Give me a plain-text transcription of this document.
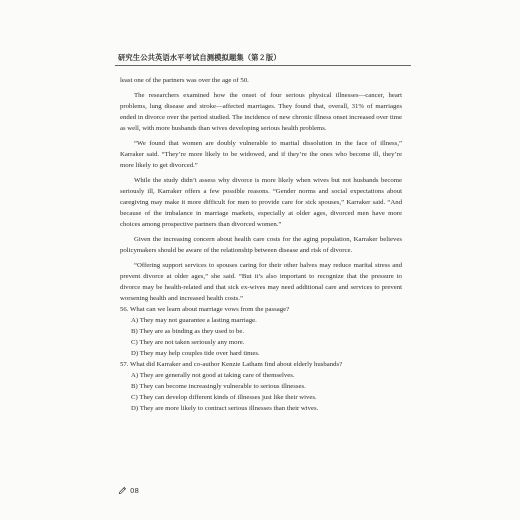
研究生公共英语水平考试自测模拟题集（第２版）

least one of the partners was over the age of 50.

The researchers examined how the onset of four serious physical illnesses—cancer, heart problems, lung disease and stroke—affected marriages. They found that, overall, 31% of marriages ended in divorce over the period studied. The incidence of new chronic illness onset increased over time as well, with more husbands than wives developing serious health problems.

“We found that women are doubly vulnerable to marital dissolution in the face of illness,” Karraker said. “They’re more likely to be widowed, and if they’re the ones who become ill, they’re more likely to get divorced.”

While the study didn’t assess why divorce is more likely when wives but not husbands become seriously ill, Karraker offers a few possible reasons. “Gender norms and social expectations about caregiving may make it more difficult for men to provide care for sick spouses,” Karraker said. “And because of the imbalance in marriage markets, especially at older ages, divorced men have more choices among prospective partners than divorced women.”

Given the increasing concern about health care costs for the aging population, Karraker believes policymakers should be aware of the relationship between disease and risk of divorce.

“Offering support services to spouses caring for their other halves may reduce marital stress and prevent divorce at older ages,” she said. “But it’s also important to recognize that the pressure to divorce may be health-related and that sick ex-wives may need additional care and services to prevent worsening health and increased health costs.”

56. What can we learn about marriage vows from the passage?

A) They may not guarantee a lasting marriage.

B) They are as binding as they used to be.

C) They are not taken seriously any more.

D) They may help couples tide over hard times.

57. What did Karraker and co-author Kenzie Latham find about elderly husbands?

A) They are generally not good at taking care of themselves.

B) They can become increasingly vulnerable to serious illnesses.

C) They can develop different kinds of illnesses just like their wives.

D) They are more likely to contract serious illnesses than their wives.

08
